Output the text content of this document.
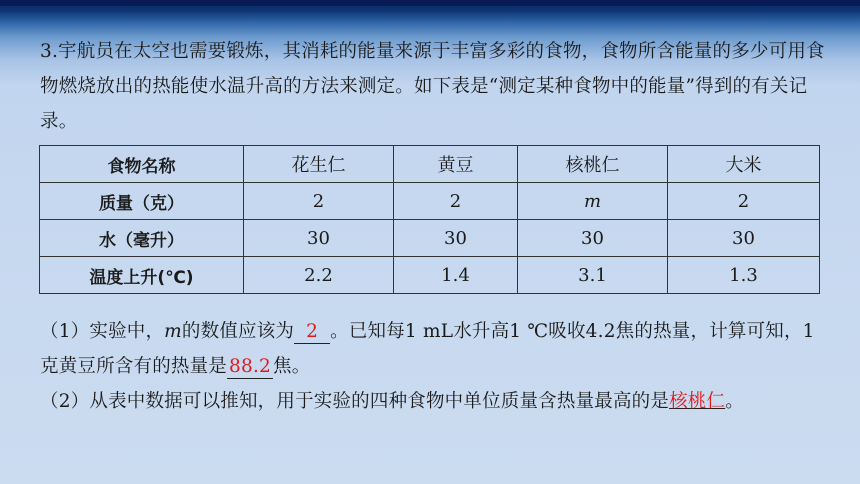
3.宇航员在太空也需要锻炼，其消耗的能量来源于丰富多彩的食物，食物所含能量的多少可用食物燃烧放出的热能使水温升高的方法来测定。如下表是“测定某种食物中的能量”得到的有关记录。
食物名称	花生仁	黄豆	核桃仁	大米
质量（克）	2	2	m	2
水（毫升）	30	30	30	30
温度上升(℃)	2.2	1.4	3.1	1.3
（1）实验中，m的数值应该为 2 。已知每1 mL水升高1 ℃吸收4.2焦的热量，计算可知，1克黄豆所含有的热量是 88.2 焦。
（2）从表中数据可以推知，用于实验的四种食物中单位质量含热量最高的是核桃仁。
